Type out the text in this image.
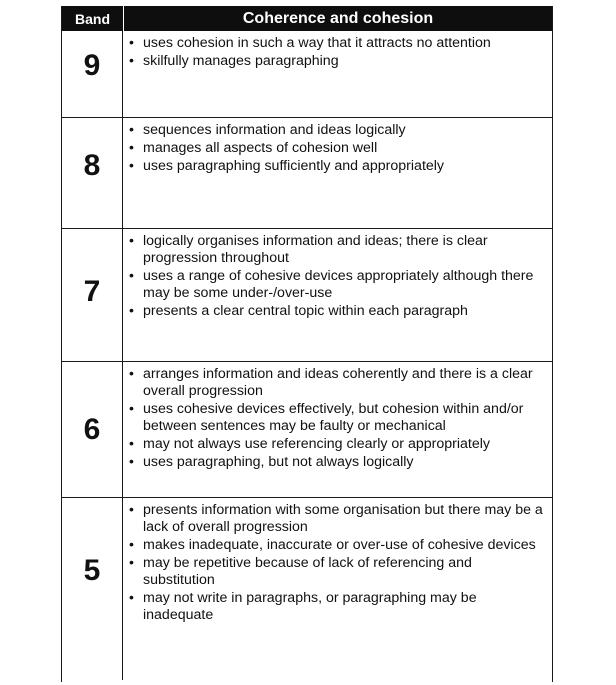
Band	Coherence and cohesion
9
• uses cohesion in such a way that it attracts no attention
• skilfully manages paragraphing
8
• sequences information and ideas logically
• manages all aspects of cohesion well
• uses paragraphing sufficiently and appropriately
7
• logically organises information and ideas; there is clear progression throughout
• uses a range of cohesive devices appropriately although there may be some under-/over-use
• presents a clear central topic within each paragraph
6
• arranges information and ideas coherently and there is a clear overall progression
• uses cohesive devices effectively, but cohesion within and/or between sentences may be faulty or mechanical
• may not always use referencing clearly or appropriately
• uses paragraphing, but not always logically
5
• presents information with some organisation but there may be a lack of overall progression
• makes inadequate, inaccurate or over-use of cohesive devices
• may be repetitive because of lack of referencing and substitution
• may not write in paragraphs, or paragraphing may be inadequate
